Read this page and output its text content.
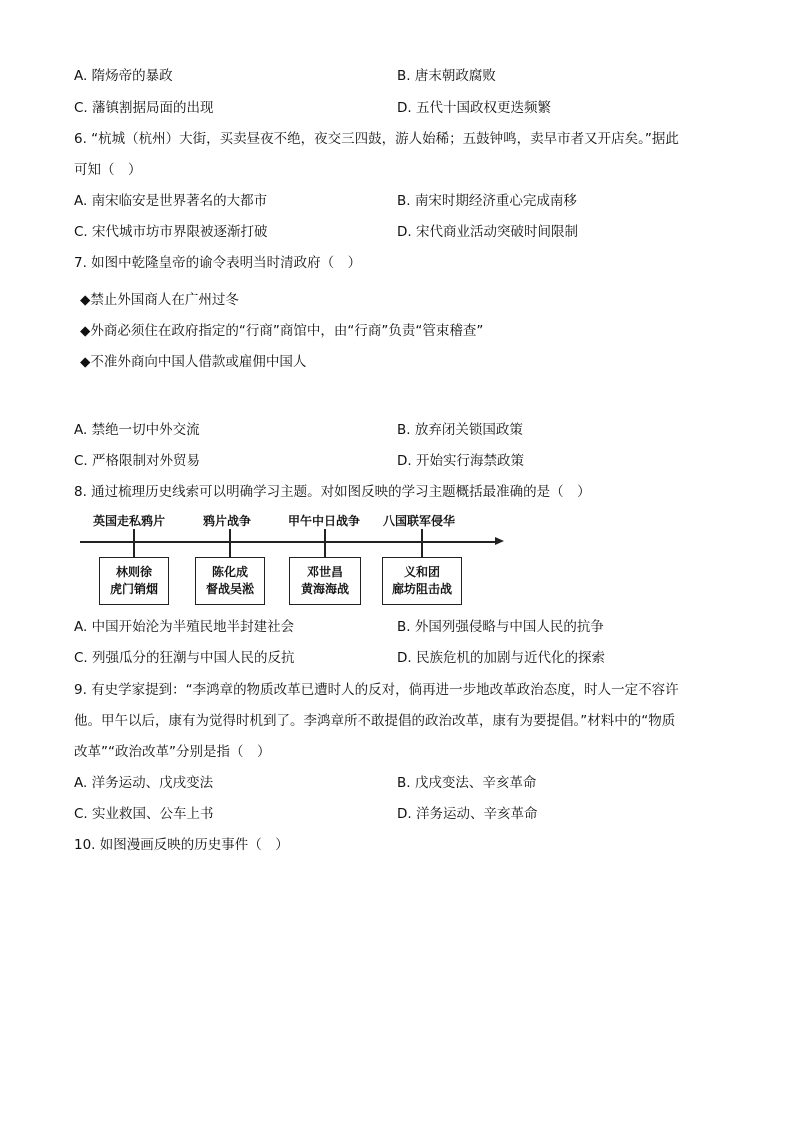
A. 隋炀帝的暴政	B. 唐末朝政腐败
C. 藩镇割据局面的出现	D. 五代十国政权更迭频繁
6. “杭城（杭州）大街，买卖昼夜不绝，夜交三四鼓，游人始稀；五鼓钟鸣，卖早市者又开店矣。”据此
可知（　）
A. 南宋临安是世界著名的大都市	B. 南宋时期经济重心完成南移
C. 宋代城市坊市界限被逐渐打破	D. 宋代商业活动突破时间限制
7. 如图中乾隆皇帝的谕令表明当时清政府（　）
◆禁止外国商人在广州过冬
◆外商必须住在政府指定的“行商”商馆中，由“行商”负责“管束稽查”
◆不准外商向中国人借款或雇佣中国人
A. 禁绝一切中外交流	B. 放弃闭关锁国政策
C. 严格限制对外贸易	D. 开始实行海禁政策
8. 通过梳理历史线索可以明确学习主题。对如图反映的学习主题概括最准确的是（　）
英国走私鸦片	鸦片战争	甲午中日战争 八国联军侵华
林则徐
虎门销烟
陈化成
督战吴淞
邓世昌
黄海海战
义和团
廊坊阻击战
A. 中国开始沦为半殖民地半封建社会	B. 外国列强侵略与中国人民的抗争
C. 列强瓜分的狂潮与中国人民的反抗	D. 民族危机的加剧与近代化的探索
9. 有史学家提到：“李鸿章的物质改革已遭时人的反对，倘再进一步地改革政治态度，时人一定不容许
他。甲午以后，康有为觉得时机到了。李鸿章所不敢提倡的政治改革，康有为要提倡。”材料中的“物质
改革”“政治改革”分别是指（　）
A. 洋务运动、戊戌变法	B. 戊戌变法、辛亥革命
C. 实业救国、公车上书	D. 洋务运动、辛亥革命
10. 如图漫画反映的历史事件（　）
